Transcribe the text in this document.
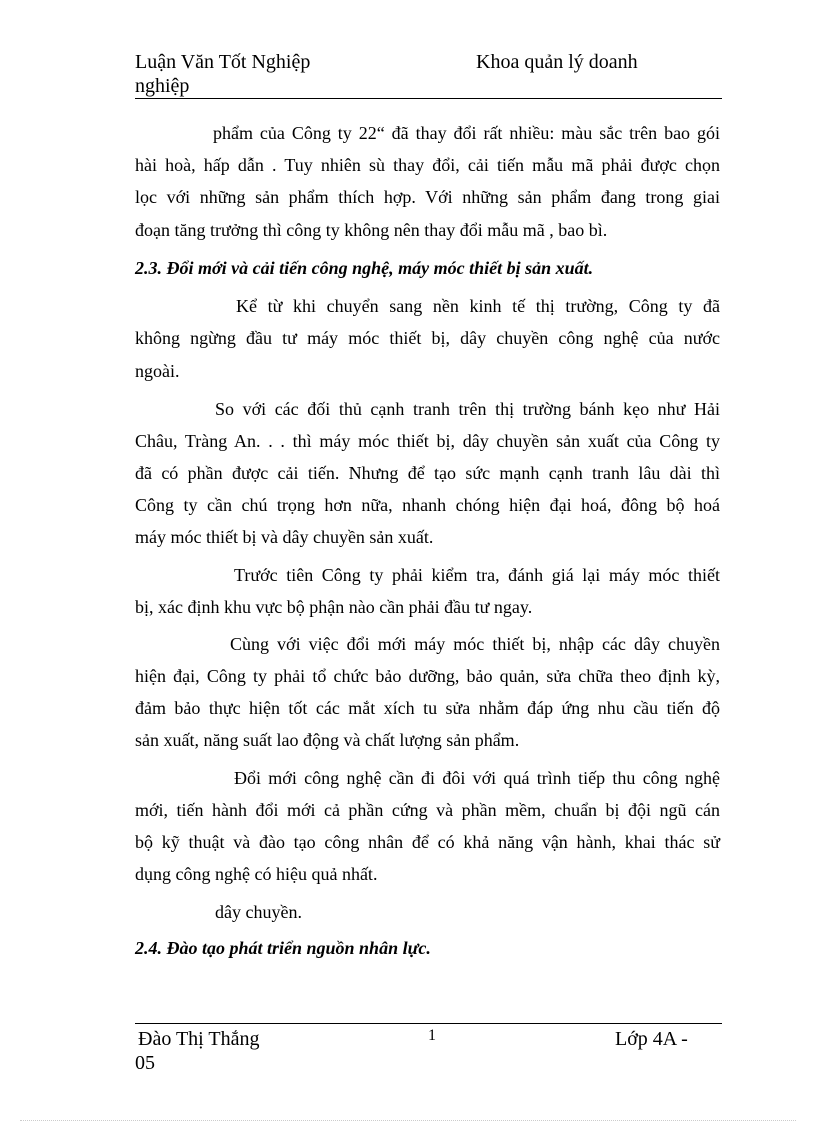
Luận Văn Tốt Nghiệp	Khoa quản lý doanh
nghiệp
phẩm của Công ty 22“ đã thay đổi rất nhiều: màu sắc trên bao gói
hài hoà, hấp dẫn . Tuy nhiên sù thay đổi, cải tiến mẫu mã phải được chọn
lọc với những sản phẩm thích hợp. Với những sản phẩm đang trong giai
đoạn tăng trưởng thì công ty không nên thay đổi mẫu mã , bao bì.
2.3. Đổi mới và cải tiến công nghệ, máy móc thiết bị sản xuất.
Kể từ khi chuyển sang nền kinh tế thị trường, Công ty đã
không ngừng đầu tư máy móc thiết bị, dây chuyền công nghệ của nước
ngoài.
So với các đối thủ cạnh tranh trên thị trường bánh kẹo như Hải
Châu, Tràng An. . . thì máy móc thiết bị, dây chuyền sản xuất của Công ty
đã có phần được cải tiến. Nhưng để tạo sức mạnh cạnh tranh lâu dài thì
Công ty cần chú trọng hơn nữa, nhanh chóng hiện đại hoá, đông bộ hoá
máy móc thiết bị và dây chuyền sản xuất.
Trước tiên Công ty phải kiểm tra, đánh giá lại máy móc thiết
bị, xác định khu vực bộ phận nào cần phải đầu tư ngay.
Cùng với việc đổi mới máy móc thiết bị, nhập các dây chuyền
hiện đại, Công ty phải tổ chức bảo dưỡng, bảo quản, sửa chữa theo định kỳ,
đảm bảo thực hiện tốt các mắt xích tu sửa nhằm đáp ứng nhu cầu tiến độ
sản xuất, năng suất lao động và chất lượng sản phẩm.
Đổi mới công nghệ cần đi đôi với quá trình tiếp thu công nghệ
mới, tiến hành đổi mới cả phần cứng và phần mềm, chuẩn bị đội ngũ cán
bộ kỹ thuật và đào tạo công nhân để có khả năng vận hành, khai thác sử
dụng công nghệ có hiệu quả nhất.
dây chuyền.
2.4. Đào tạo phát triển nguồn nhân lực.
Đào Thị Thắng	1	Lớp 4A -
05
